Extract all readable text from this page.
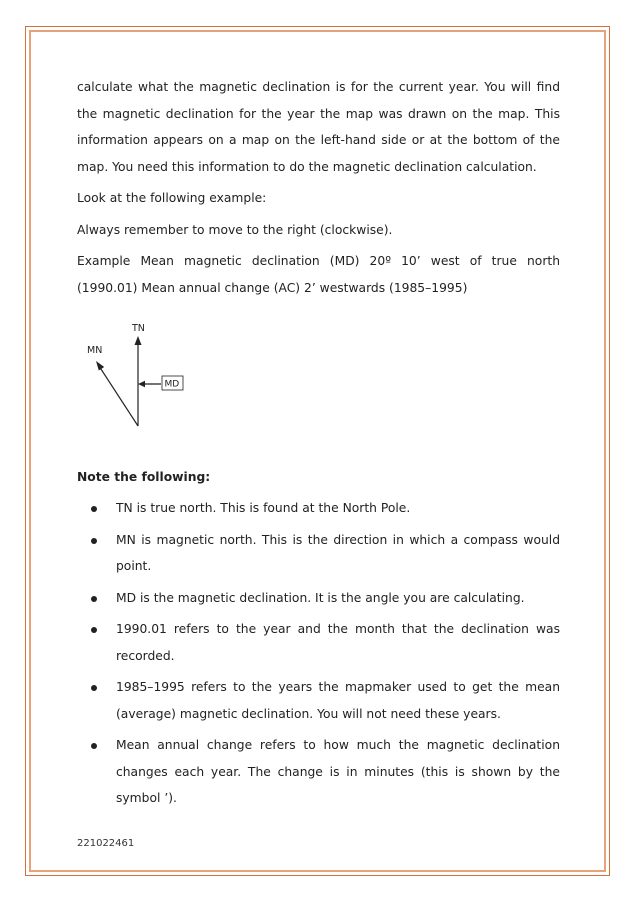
calculate what the magnetic declination is for the current year. You will find the magnetic declination for the year the map was drawn on the map. This information appears on a map on the left-hand side or at the bottom of the map. You need this information to do the magnetic declination calculation.

Look at the following example:

Always remember to move to the right (clockwise).

Example Mean magnetic declination (MD) 20º 10’ west of true north (1990.01) Mean annual change (AC) 2’ westwards (1985–1995)

TN
MN
MD
Note the following:
TN is true north. This is found at the North Pole.
MN is magnetic north. This is the direction in which a compass would point.
MD is the magnetic declination. It is the angle you are calculating.
1990.01 refers to the year and the month that the declination was recorded.
1985–1995 refers to the years the mapmaker used to get the mean (average) magnetic declination. You will not need these years.
Mean annual change refers to how much the magnetic declination changes each year. The change is in minutes (this is shown by the symbol ’).
221022461
